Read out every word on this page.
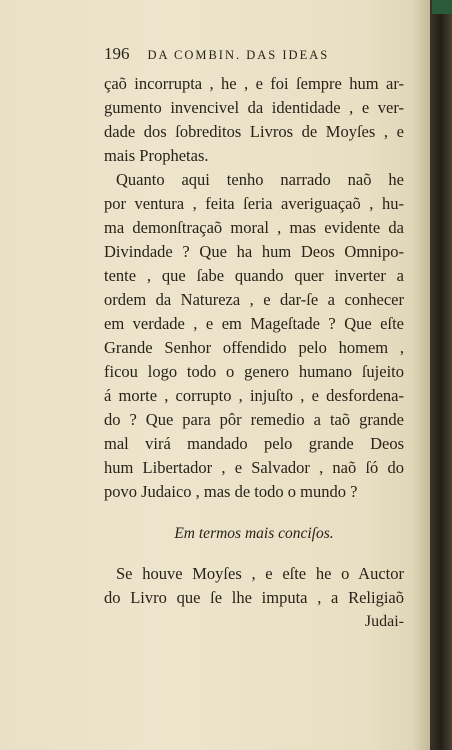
196 DA COMBIN. DAS IDEAS
çaõ incorrupta , he , e foi ſempre hum ar-
gumento invencivel da identidade , e ver-
dade dos ſobreditos Livros de Moyſes , e
mais Prophetas.
Quanto aqui tenho narrado naõ he
por ventura , feita ſeria averiguaçaõ , hu-
ma demonſtraçaõ moral , mas evidente da
Divindade ? Que ha hum Deos Omnipo-
tente , que ſabe quando quer inverter a
ordem da Natureza , e dar-ſe a conhecer
em verdade , e em Mageſtade ? Que eſte
Grande Senhor offendido pelo homem ,
ficou logo todo o genero humano ſujeito
á morte , corrupto , injuſto , e desfordena-
do ? Que para pôr remedio a taõ grande
mal virá mandado pelo grande Deos
hum Libertador , e Salvador , naõ ſó do
povo Judaico , mas de todo o mundo ?
Em termos mais conciſos.
Se houve Moyſes , e eſte he o Auctor
do Livro que ſe lhe imputa , a Religiaõ
Judai-
